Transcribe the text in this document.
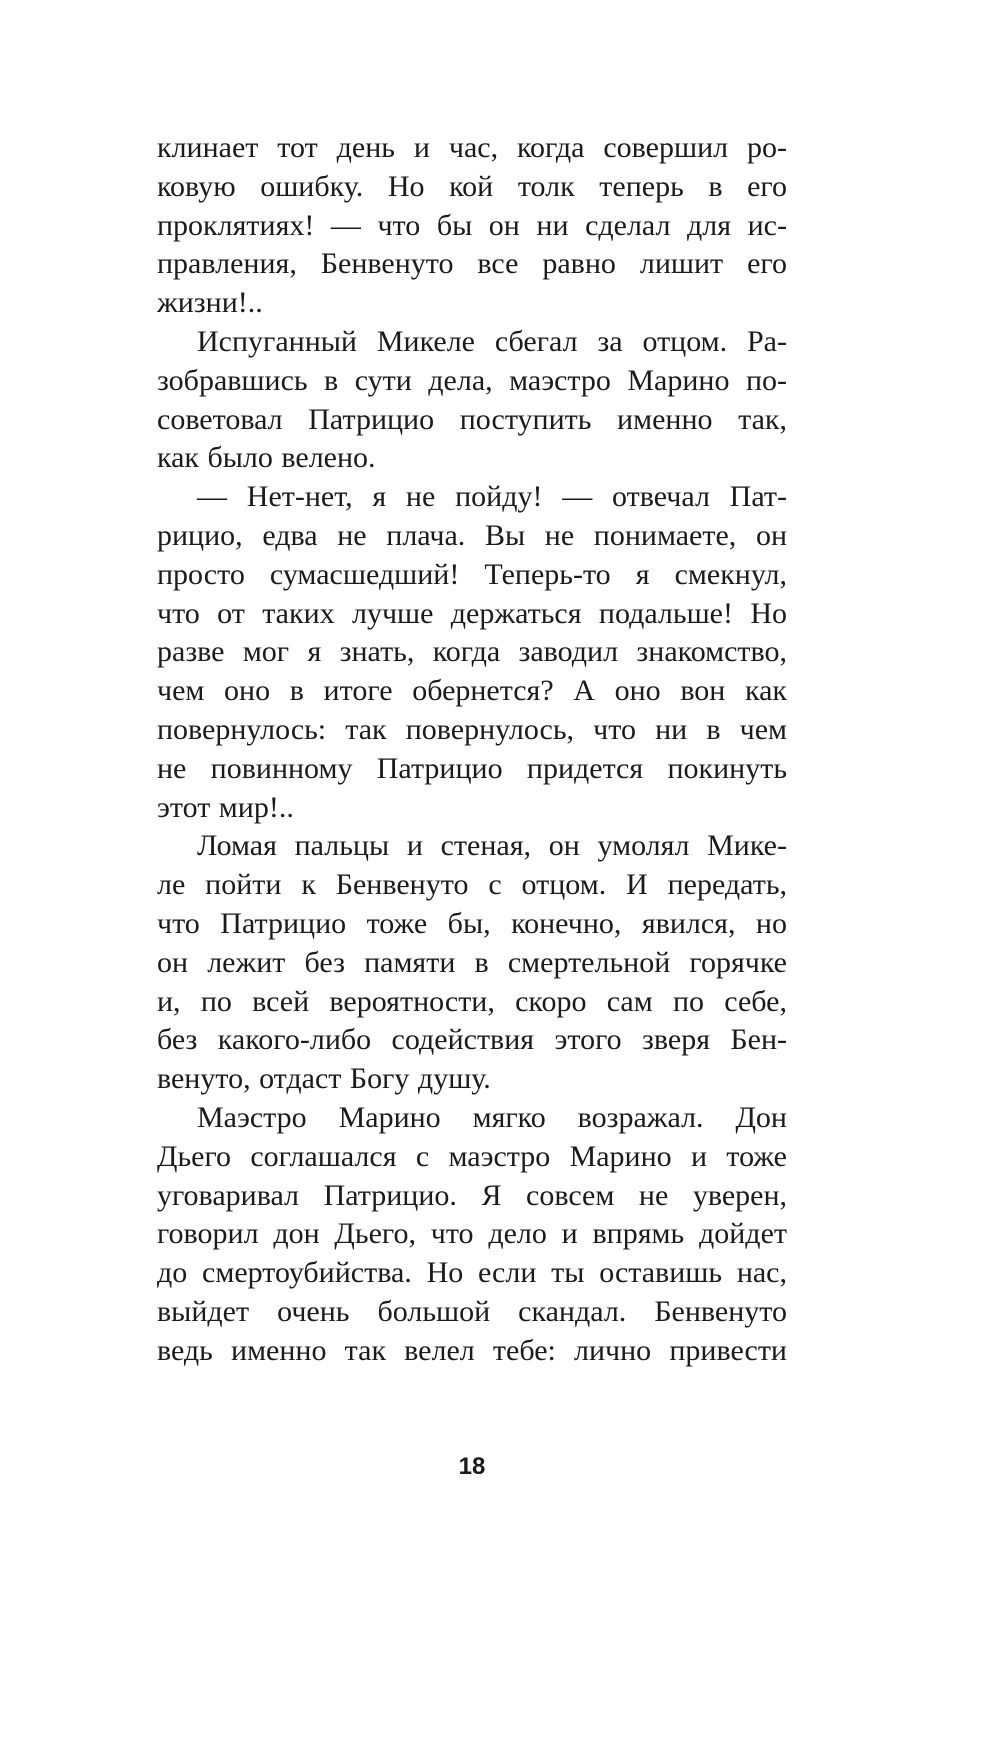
клинает тот день и час, когда совершил ро-
ковую ошибку. Но кой толк теперь в его
проклятиях! — что бы он ни сделал для ис-
правления, Бенвенуто все равно лишит его
жизни!..
Испуганный Микеле сбегал за отцом. Ра-
зобравшись в сути дела, маэстро Марино по-
советовал Патрицио поступить именно так,
как было велено.
— Нет-нет, я не пойду! — отвечал Пат-
рицио, едва не плача. Вы не понимаете, он
просто сумасшедший! Теперь-то я смекнул,
что от таких лучше держаться подальше! Но
разве мог я знать, когда заводил знакомство,
чем оно в итоге обернется? А оно вон как
повернулось: так повернулось, что ни в чем
не повинному Патрицио придется покинуть
этот мир!..
Ломая пальцы и стеная, он умолял Мике-
ле пойти к Бенвенуто с отцом. И передать,
что Патрицио тоже бы, конечно, явился, но
он лежит без памяти в смертельной горячке
и, по всей вероятности, скоро сам по себе,
без какого-либо содействия этого зверя Бен-
венуто, отдаст Богу душу.
Маэстро Марино мягко возражал. Дон
Дьего соглашался с маэстро Марино и тоже
уговаривал Патрицио. Я совсем не уверен,
говорил дон Дьего, что дело и впрямь дойдет
до смертоубийства. Но если ты оставишь нас,
выйдет очень большой скандал. Бенвенуто
ведь именно так велел тебе: лично привести
18
